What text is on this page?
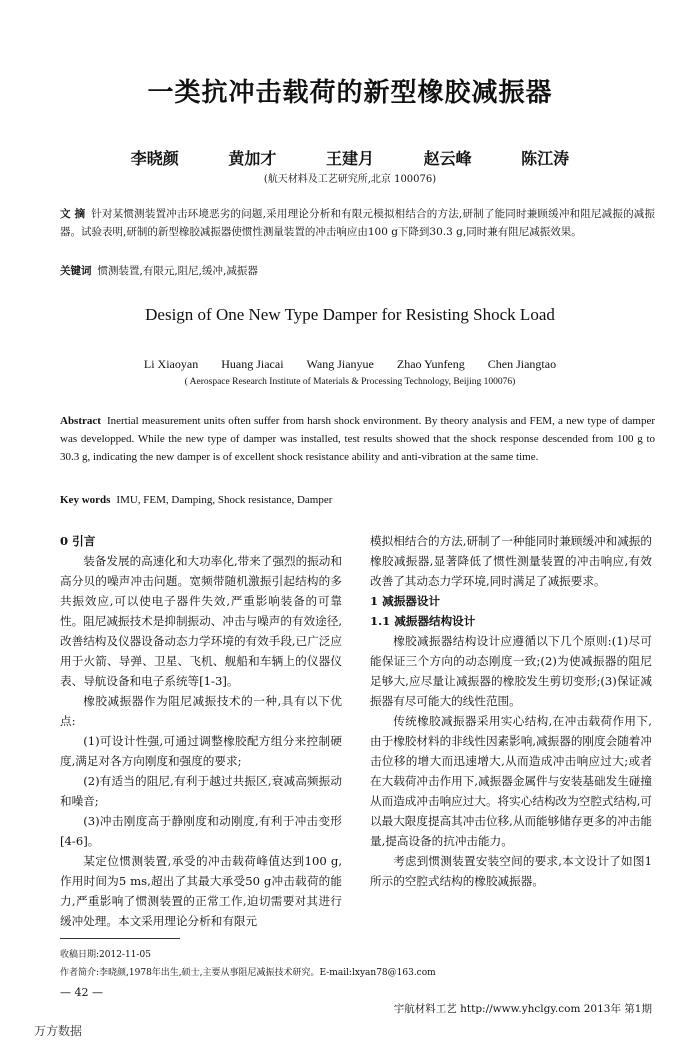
一类抗冲击载荷的新型橡胶减振器
李晓颜	黄加才	王建月	赵云峰	陈江涛
(航天材料及工艺研究所,北京 100076)
文 摘 针对某惯测装置冲击环境恶劣的问题,采用理论分析和有限元模拟相结合的方法,研制了能同时兼顾缓冲和阻尼减振的减振器。试验表明,研制的新型橡胶减振器使惯性测量装置的冲击响应由100 g下降到30.3 g,同时兼有阻尼减振效果。
关键词 惯测装置,有限元,阻尼,缓冲,减振器
Design of One New Type Damper for Resisting Shock Load
Li Xiaoyan Huang Jiacai Wang Jianyue Zhao Yunfeng Chen Jiangtao
( Aerospace Research Institute of Materials & Processing Technology, Beijing 100076)
Abstract Inertial measurement units often suffer from harsh shock environment. By theory analysis and FEM, a new type of damper was developped. While the new type of damper was installed, test results showed that the shock response descended from 100 g to 30.3 g, indicating the new damper is of excellent shock resistance ability and anti-vibration at the same time.
Key words IMU, FEM, Damping, Shock resistance, Damper

0 引言

装备发展的高速化和大功率化,带来了强烈的振动和高分贝的噪声冲击问题。宽频带随机激振引起结构的多共振效应,可以使电子器件失效,严重影响装备的可靠性。阻尼减振技术是抑制振动、冲击与噪声的有效途径,改善结构及仪器设备动态力学环境的有效手段,已广泛应用于火箭、导弹、卫星、飞机、舰船和车辆上的仪器仪表、导航设备和电子系统等[1-3]。

橡胶减振器作为阻尼减振技术的一种,具有以下优点:

(1)可设计性强,可通过调整橡胶配方组分来控制硬度,满足对各方向刚度和强度的要求;

(2)有适当的阻尼,有利于越过共振区,衰减高频振动和噪音;

(3)冲击刚度高于静刚度和动刚度,有利于冲击变形[4-6]。

某定位惯测装置,承受的冲击载荷峰值达到100 g,作用时间为5 ms,超出了其最大承受50 g冲击载荷的能力,严重影响了惯测装置的正常工作,迫切需要对其进行缓冲处理。本文采用理论分析和有限元

模拟相结合的方法,研制了一种能同时兼顾缓冲和减振的橡胶减振器,显著降低了惯性测量装置的冲击响应,有效改善了其动态力学环境,同时满足了减振要求。

1 减振器设计

1.1 减振器结构设计

橡胶减振器结构设计应遵循以下几个原则:(1)尽可能保证三个方向的动态刚度一致;(2)为使减振器的阻尼足够大,应尽量让减振器的橡胶发生剪切变形;(3)保证减振器有尽可能大的线性范围。

传统橡胶减振器采用实心结构,在冲击载荷作用下,由于橡胶材料的非线性因素影响,减振器的刚度会随着冲击位移的增大而迅速增大,从而造成冲击响应过大;或者在大载荷冲击作用下,减振器金属件与安装基础发生碰撞从而造成冲击响应过大。将实心结构改为空腔式结构,可以最大限度提高其冲击位移,从而能够储存更多的冲击能量,提高设备的抗冲击能力。

考虑到惯测装置安装空间的要求,本文设计了如图1所示的空腔式结构的橡胶减振器。

收稿日期:2012-11-05
作者简介:李晓颜,1978年出生,硕士,主要从事阻尼减振技术研究。E-mail:lxyan78@163.com
— 42 —
宇航材料工艺 http://www.yhclgy.com 2013年 第1期
万方数据
